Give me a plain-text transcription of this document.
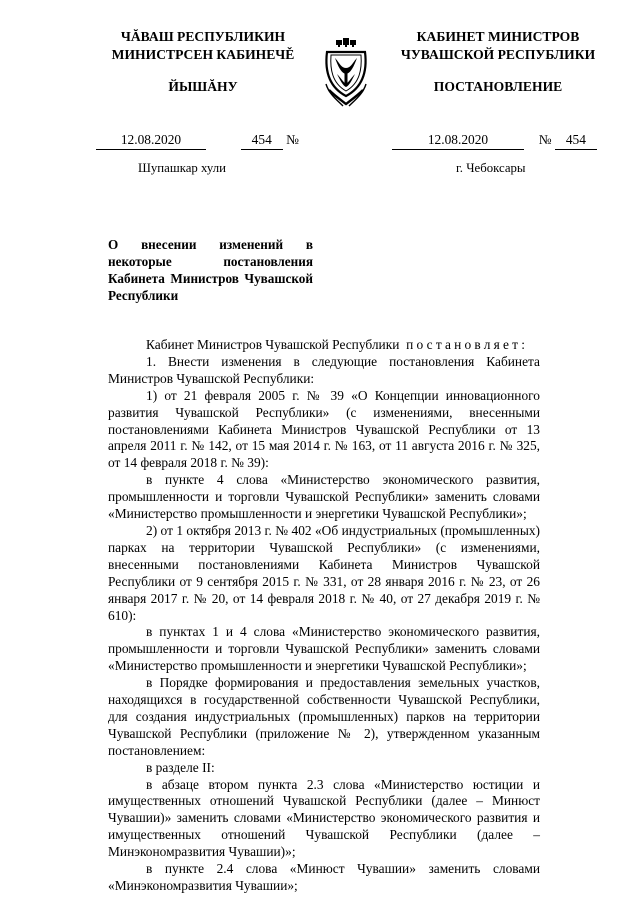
ЧĂВАШ РЕСПУБЛИКИН
МИНИСТРСЕН КАБИНЕЧĚ
ЙЫШĂНУ
КАБИНЕТ МИНИСТРОВ
ЧУВАШСКОЙ РЕСПУБЛИКИ
ПОСТАНОВЛЕНИЕ
12.08.2020	454 №	12.08.2020	№ 454
Шупашкар хули	г. Чебоксары
О внесении изменений в некоторые постановления Кабинета Министров Чувашской Республики

Кабинет Министров Чувашской Республики постановляет:

1. Внести изменения в следующие постановления Кабинета Министров Чувашской Республики:

1) от 21 февраля 2005 г. № 39 «О Концепции инновационного развития Чувашской Республики» (с изменениями, внесенными постановлениями Кабинета Министров Чувашской Республики от 13 апреля 2011 г. № 142, от 15 мая 2014 г. № 163, от 11 августа 2016 г. № 325, от 14 февраля 2018 г. № 39):

в пункте 4 слова «Министерство экономического развития, промышленности и торговли Чувашской Республики» заменить словами «Министерство промышленности и энергетики Чувашской Республики»;

2) от 1 октября 2013 г. № 402 «Об индустриальных (промышленных) парках на территории Чувашской Республики» (с изменениями, внесенными постановлениями Кабинета Министров Чувашской Республики от 9 сентября 2015 г. № 331, от 28 января 2016 г. № 23, от 26 января 2017 г. № 20, от 14 февраля 2018 г. № 40, от 27 декабря 2019 г. № 610):

в пунктах 1 и 4 слова «Министерство экономического развития, промышленности и торговли Чувашской Республики» заменить словами «Министерство промышленности и энергетики Чувашской Республики»;

в Порядке формирования и предоставления земельных участков, находящихся в государственной собственности Чувашской Республики, для создания индустриальных (промышленных) парков на территории Чувашской Республики (приложение № 2), утвержденном указанным постановлением:

в разделе II:

в абзаце втором пункта 2.3 слова «Министерство юстиции и имущественных отношений Чувашской Республики (далее – Минюст Чувашии)» заменить словами «Министерство экономического развития и имущественных отношений Чувашской Республики (далее – Минэкономразвития Чувашии)»;

в пункте 2.4 слова «Минюст Чувашии» заменить словами «Минэкономразвития Чувашии»;
